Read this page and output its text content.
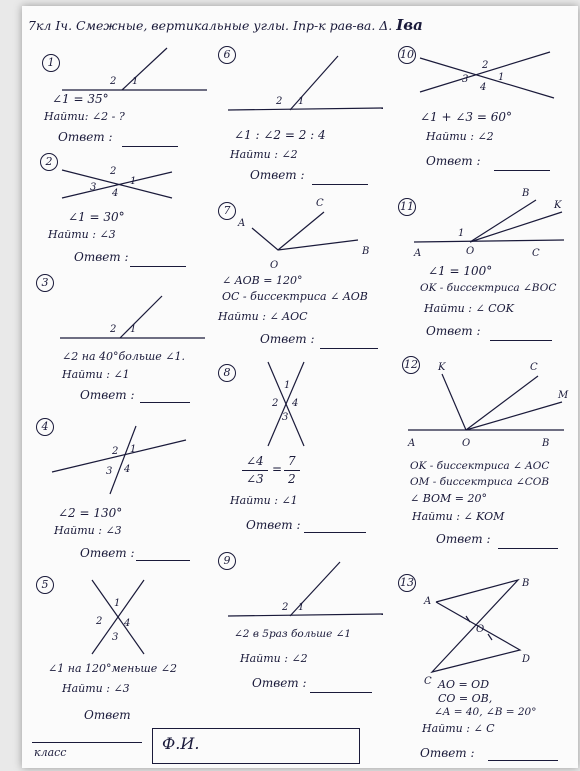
7кл Iч. Смежные, вертикальные углы. Iпр-к рав-ва. Δ. Iва
1
2 1
∠1 = 35°
Найти: ∠2 - ?
Ответ :
2
2
3
4
1
∠1 = 30°
Найти : ∠3
Ответ :
3
2 1
∠2 на 40°больше ∠1.
Найти : ∠1
Ответ :
4
2 1
3 4
∠2 = 130°
Найти : ∠3
Ответ :
5
1
2 4
3
∠1 на 120°меньше ∠2
Найти : ∠3
Ответ
6
2 1
∠1 : ∠2 = 2 : 4
Найти : ∠2
Ответ :
7
A
C
O
B
∠ AOB = 120°
OC - биссектриса ∠ AOB
Найти : ∠ AOC
Ответ :
8
1
2 4
3
∠4
∠3
=
7
2
Найти : ∠1
Ответ :
9
2 1
∠2 в 5раз больше ∠1
Найти : ∠2
Ответ :
10
2
3	1
4
∠1 + ∠3 = 60°
Найти : ∠2
Ответ :
11
B
K
1
A	O	C
∠1 = 100°
OK - биссектриса ∠BOC
Найти : ∠ COK
Ответ :
12 K	C
M
A	O	B
OK - биссектриса ∠ AOC
OM - биссектриса ∠COB
∠ BOM = 20°
Найти : ∠ KOM
Ответ :
13	B
A
O
D
C AO = OD
CO = OB,
∠A = 40, ∠B = 20°
Найти : ∠ C
Ответ :
класс	Ф.И.
